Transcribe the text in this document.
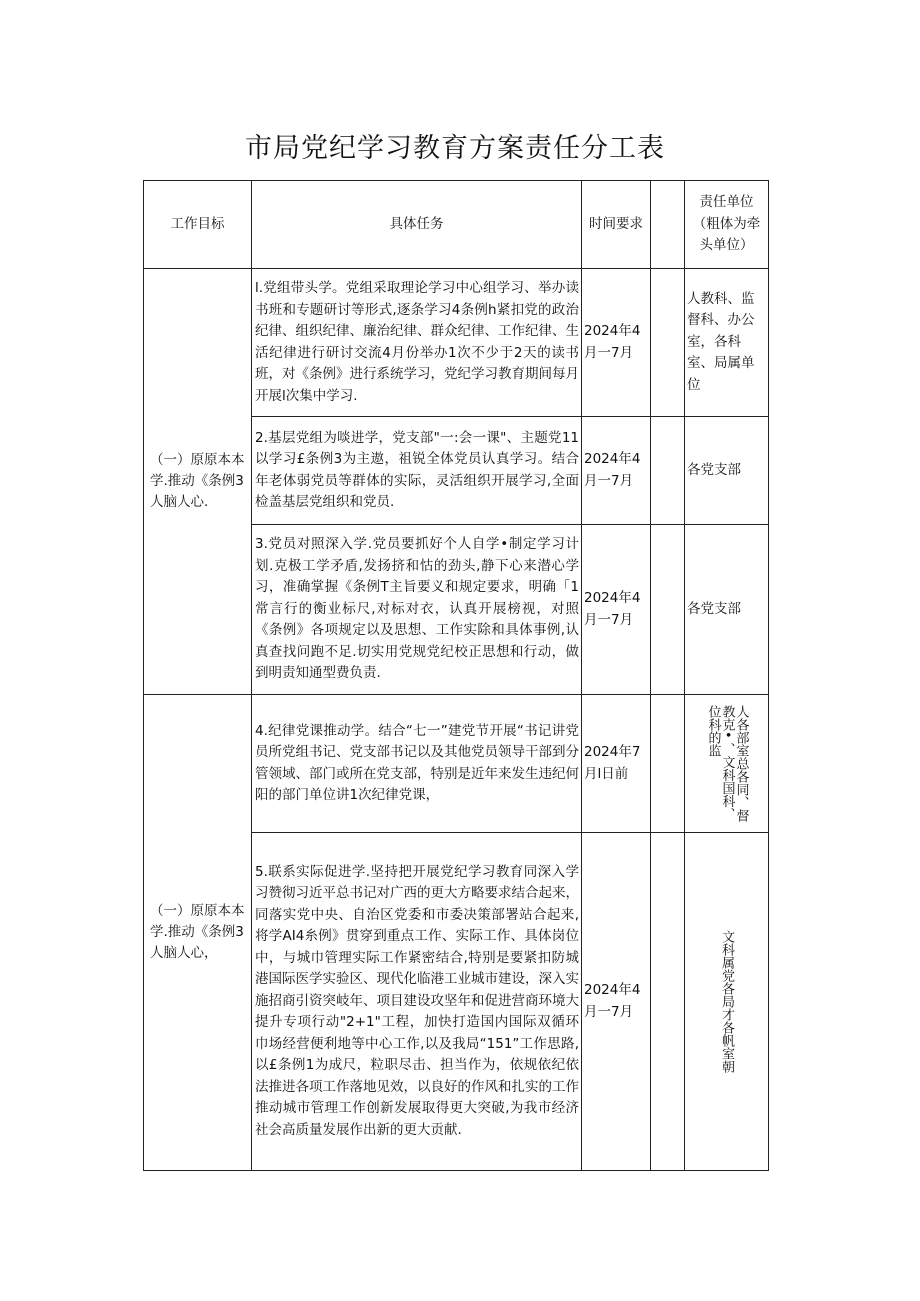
市局党纪学习教育方案责任分工表
工作目标	具体任务	时间要求		责任单位（粗体为牵头单位）
（一）原原本本学.推动《条例3人脑人心.	l.党组带头学。党组采取理论学习中心组学习、举办读书班和专题研讨等形式,逐条学习4条例h紧扣党的政治纪律、组织纪律、廉治纪律、群众纪律、工作纪律、生活纪律进行研讨交流4月份举办1次不少于2天的读书班，对《条例》进行系统学习，党纪学习教育期间每月开展l次集中学习.	2024年4月一7月		人教科、监督科、办公室，各科室、局属单位
	2.基层党组为啖进学，党支部"一:会一课"、主题党11以学习£条例3为主遨，祖锐全体党员认真学习。结合年老体弱党员等群体的实际，灵活组织开展学习,全面检盖基层党组织和党员.	2024年4月一7月		各党支部
	3.党员对照深入学.党员要抓好个人自学•制定学习计划.克极工学矛盾,发扬挤和怙的劲头,静下心来潜心学习，准确掌握《条例T主旨要义和规定要求，明确「1常言行的衡业标尺,对标对衣，认真开展榜视，对照《条例》各项规定以及思想、工作实除和具体事例,认真查找问跑不足.切实用党规党纪校正思想和行动，做到明责知通型费负责.	2024年4月一7月		各党支部
（一）原原本本学.推动《条例3人脑人心，	4.纪律党课推动学。结合“七一”建党节开展“书记讲党员所党组书记、党支部书记以及其他党员领导干部到分管领域、部门或所在党支部，特别是近年来发生违纪何阳的部门单位讲1次纪律党课，	2024年7月l日前		人各部室总各同、督教克• 、文科国科、位科的监

	5.联系实际促进学.坚持把开展党纪学习教育同深入学习赞彻习近平总书记对广西的更大方略要求结合起来，同落实党中央、自治区党委和市委决策部署站合起来,将学AI4糸例》贯穿到重点工作、实际工作、具体岗位中，与城巾管理实际工作紧密结合,特别是要紧扣防城港国际医学实验区、现代化临港工业城市建设，深入实施招商引资突岐年、项目建设攻坚年和促进营商环境大提升专项行动"2+1"工程，加快打造国内国际双循环巾场经营便利地等中心工作,以及我局“151”工作思路,以£条例1为成尺，粒职尽击、担当作为，依规依纪依法推进各项工作落地见效，以良好的作风和扎实的工作推动城市管理工作创新发展取得更大突破,为我市经济社会高质量发展作出新的更大贡献.	2024年4月一7月		文科属党各局才各帆室朝
